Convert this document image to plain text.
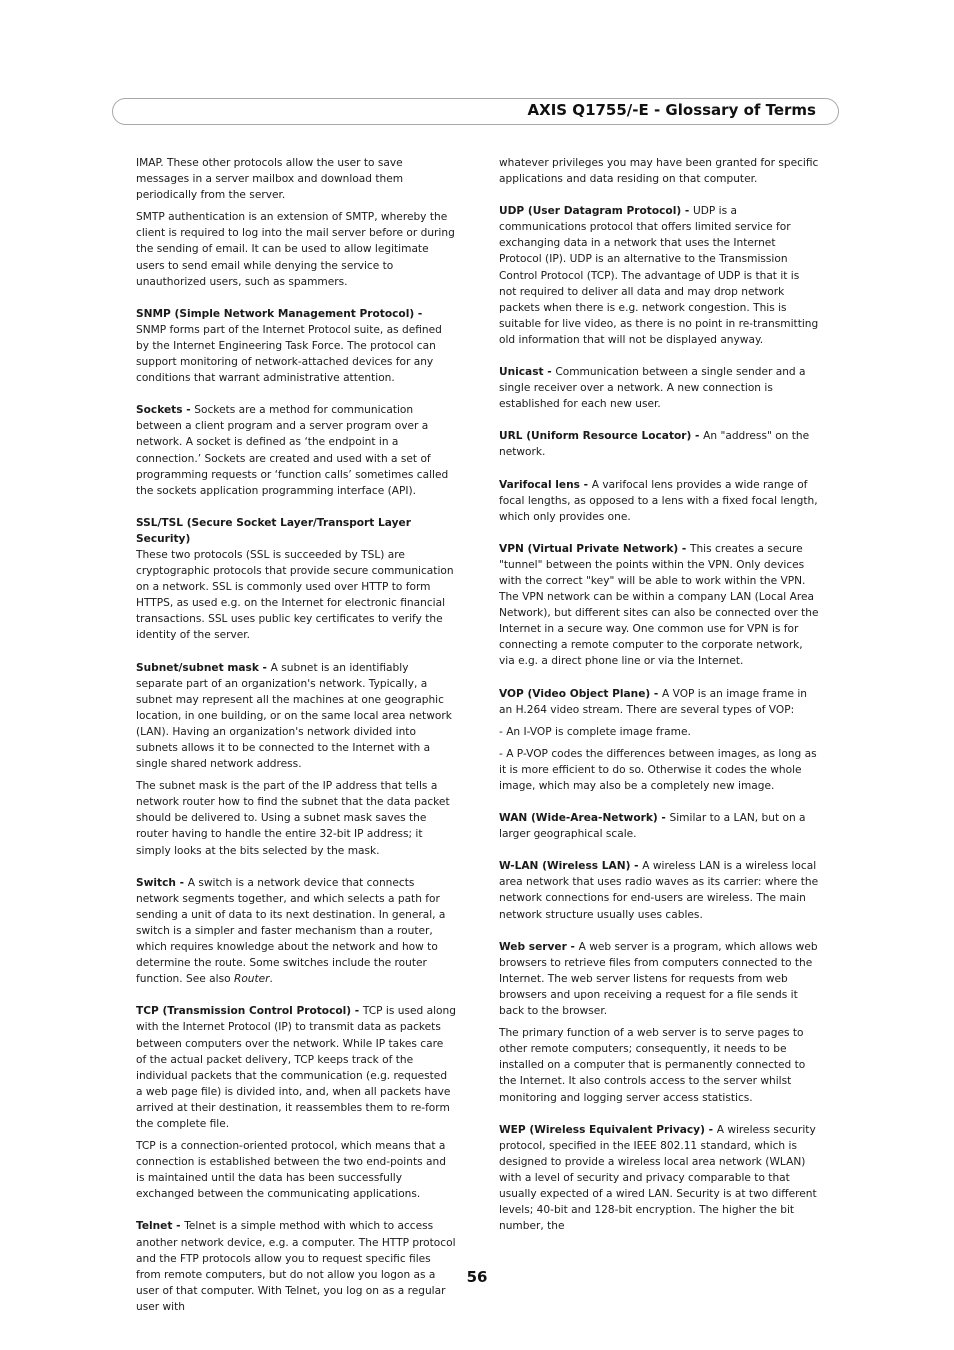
AXIS Q1755/-E - Glossary of Terms

IMAP. These other protocols allow the user to save messages in a server mailbox and download them periodically from the server.

SMTP authentication is an extension of SMTP, whereby the client is required to log into the mail server before or during the sending of email. It can be used to allow legitimate users to send email while denying the service to unauthorized users, such as spammers.

SNMP (Simple Network Management Protocol) - SNMP forms part of the Internet Protocol suite, as defined by the Internet Engineering Task Force. The protocol can support monitoring of network-attached devices for any conditions that warrant administrative attention.

Sockets - Sockets are a method for communication between a client program and a server program over a network. A socket is defined as ‘the endpoint in a connection.’ Sockets are created and used with a set of programming requests or ‘function calls’ sometimes called the sockets application programming interface (API).

SSL/TSL (Secure Socket Layer/Transport Layer Security)
These two protocols (SSL is succeeded by TSL) are cryptographic protocols that provide secure communication on a network. SSL is commonly used over HTTP to form HTTPS, as used e.g. on the Internet for electronic financial transactions. SSL uses public key certificates to verify the identity of the server.

Subnet/subnet mask - A subnet is an identifiably separate part of an organization's network. Typically, a subnet may represent all the machines at one geographic location, in one building, or on the same local area network (LAN). Having an organization's network divided into subnets allows it to be connected to the Internet with a single shared network address.

The subnet mask is the part of the IP address that tells a network router how to find the subnet that the data packet should be delivered to. Using a subnet mask saves the router having to handle the entire 32-bit IP address; it simply looks at the bits selected by the mask.

Switch - A switch is a network device that connects network segments together, and which selects a path for sending a unit of data to its next destination. In general, a switch is a simpler and faster mechanism than a router, which requires knowledge about the network and how to determine the route. Some switches include the router function. See also Router.

TCP (Transmission Control Protocol) - TCP is used along with the Internet Protocol (IP) to transmit data as packets between computers over the network. While IP takes care of the actual packet delivery, TCP keeps track of the individual packets that the communication (e.g. requested a web page file) is divided into, and, when all packets have arrived at their destination, it reassembles them to re-form the complete file.

TCP is a connection-oriented protocol, which means that a connection is established between the two end-points and is maintained until the data has been successfully exchanged between the communicating applications.

Telnet - Telnet is a simple method with which to access another network device, e.g. a computer. The HTTP protocol and the FTP protocols allow you to request specific files from remote computers, but do not allow you logon as a user of that computer. With Telnet, you log on as a regular user with

whatever privileges you may have been granted for specific applications and data residing on that computer.

UDP (User Datagram Protocol) - UDP is a communications protocol that offers limited service for exchanging data in a network that uses the Internet Protocol (IP). UDP is an alternative to the Transmission Control Protocol (TCP). The advantage of UDP is that it is not required to deliver all data and may drop network packets when there is e.g. network congestion. This is suitable for live video, as there is no point in re-transmitting old information that will not be displayed anyway.

Unicast - Communication between a single sender and a single receiver over a network. A new connection is established for each new user.

URL (Uniform Resource Locator) - An "address" on the network.

Varifocal lens - A varifocal lens provides a wide range of focal lengths, as opposed to a lens with a fixed focal length, which only provides one.

VPN (Virtual Private Network) - This creates a secure "tunnel" between the points within the VPN. Only devices with the correct "key" will be able to work within the VPN. The VPN network can be within a company LAN (Local Area Network), but different sites can also be connected over the Internet in a secure way. One common use for VPN is for connecting a remote computer to the corporate network, via e.g. a direct phone line or via the Internet.

VOP (Video Object Plane) - A VOP is an image frame in an H.264 video stream. There are several types of VOP:

- An I-VOP is complete image frame.

- A P-VOP codes the differences between images, as long as it is more efficient to do so. Otherwise it codes the whole image, which may also be a completely new image.

WAN (Wide-Area-Network) - Similar to a LAN, but on a larger geographical scale.

W-LAN (Wireless LAN) - A wireless LAN is a wireless local area network that uses radio waves as its carrier: where the network connections for end-users are wireless. The main network structure usually uses cables.

Web server - A web server is a program, which allows web browsers to retrieve files from computers connected to the Internet. The web server listens for requests from web browsers and upon receiving a request for a file sends it back to the browser.

The primary function of a web server is to serve pages to other remote computers; consequently, it needs to be installed on a computer that is permanently connected to the Internet. It also controls access to the server whilst monitoring and logging server access statistics.

WEP (Wireless Equivalent Privacy) - A wireless security protocol, specified in the IEEE 802.11 standard, which is designed to provide a wireless local area network (WLAN) with a level of security and privacy comparable to that usually expected of a wired LAN. Security is at two different levels; 40-bit and 128-bit encryption. The higher the bit number, the

56
